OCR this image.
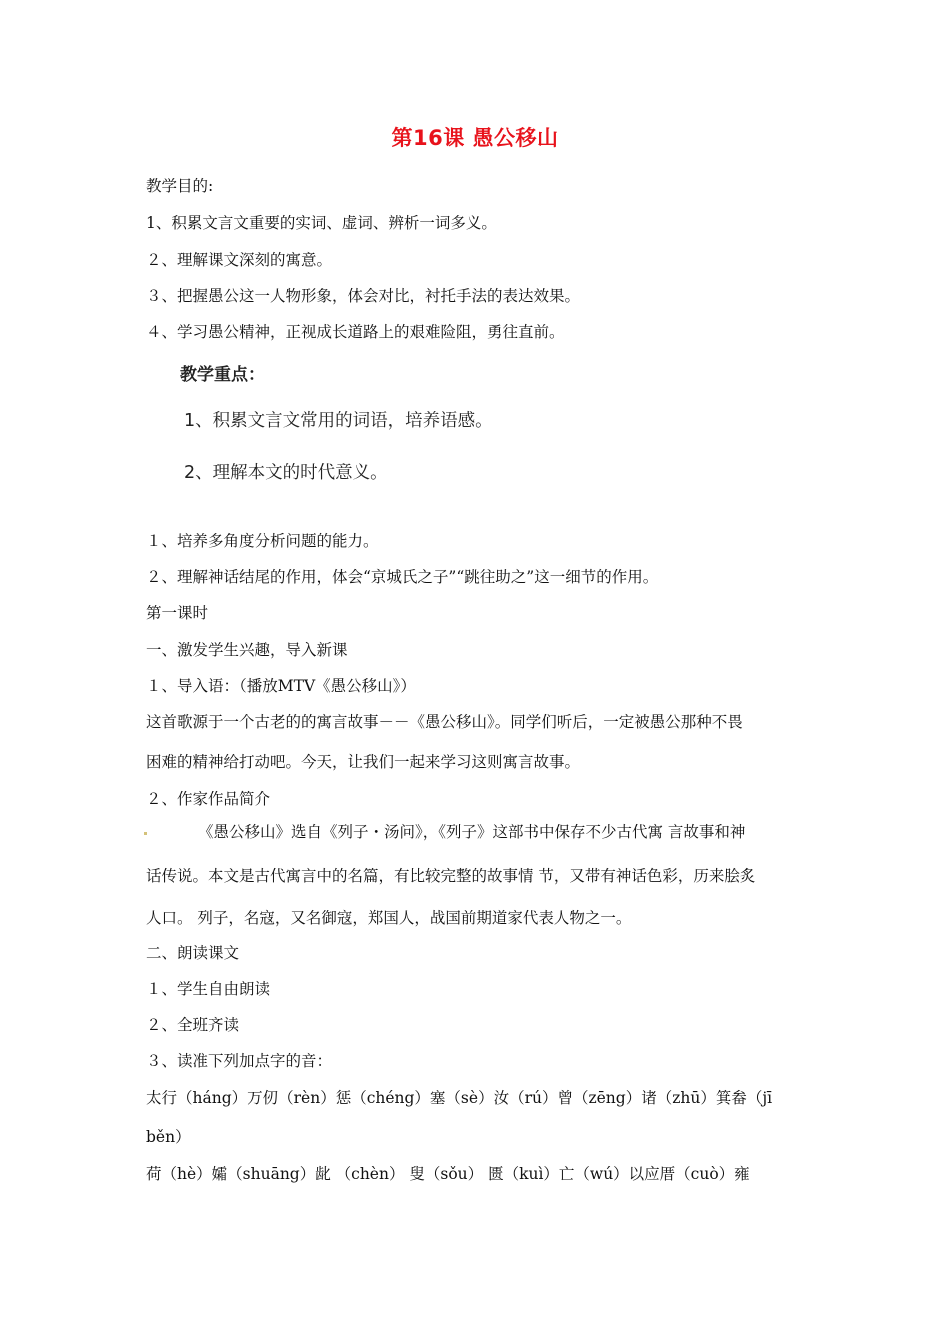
第16课 愚公移山
教学目的:
1、积累文言文重要的实词、虚词、辨析一词多义。
２、理解课文深刻的寓意。
３、把握愚公这一人物形象，体会对比，衬托手法的表达效果。
４、学习愚公精神，正视成长道路上的艰难险阻，勇往直前。
教学重点：
1、积累文言文常用的词语，培养语感。
2、理解本文的时代意义。
１、培养多角度分析问题的能力。
２、理解神话结尾的作用，体会“京城氏之子”“跳往助之”这一细节的作用。
第一课时
一、激发学生兴趣，导入新课
１、导入语：（播放MTV《愚公移山》）
这首歌源于一个古老的的寓言故事－－《愚公移山》。同学们听后，一定被愚公那种不畏
困难的精神给打动吧。今天，让我们一起来学习这则寓言故事。
２、作家作品简介
《愚公移山》选自《列子・汤问》，《列子》这部书中保存不少古代寓 言故事和神
话传说。本文是古代寓言中的名篇，有比较完整的故事情 节，又带有神话色彩，历来脍炙
人口。 列子，名寇，又名御寇，郑国人，战国前期道家代表人物之一。
二、朗读课文
１、学生自由朗读
２、全班齐读
３、读准下列加点字的音：
太行（háng）万仞（rèn）惩（chéng）塞（sè）汝（rú）曾（zēng）诸（zhū）箕畚（jī
běn）
荷（hè）孀（shuāng）龀 （chèn） 叟（sǒu） 匮（kuì）亡（wú）以应厝（cuò）雍
